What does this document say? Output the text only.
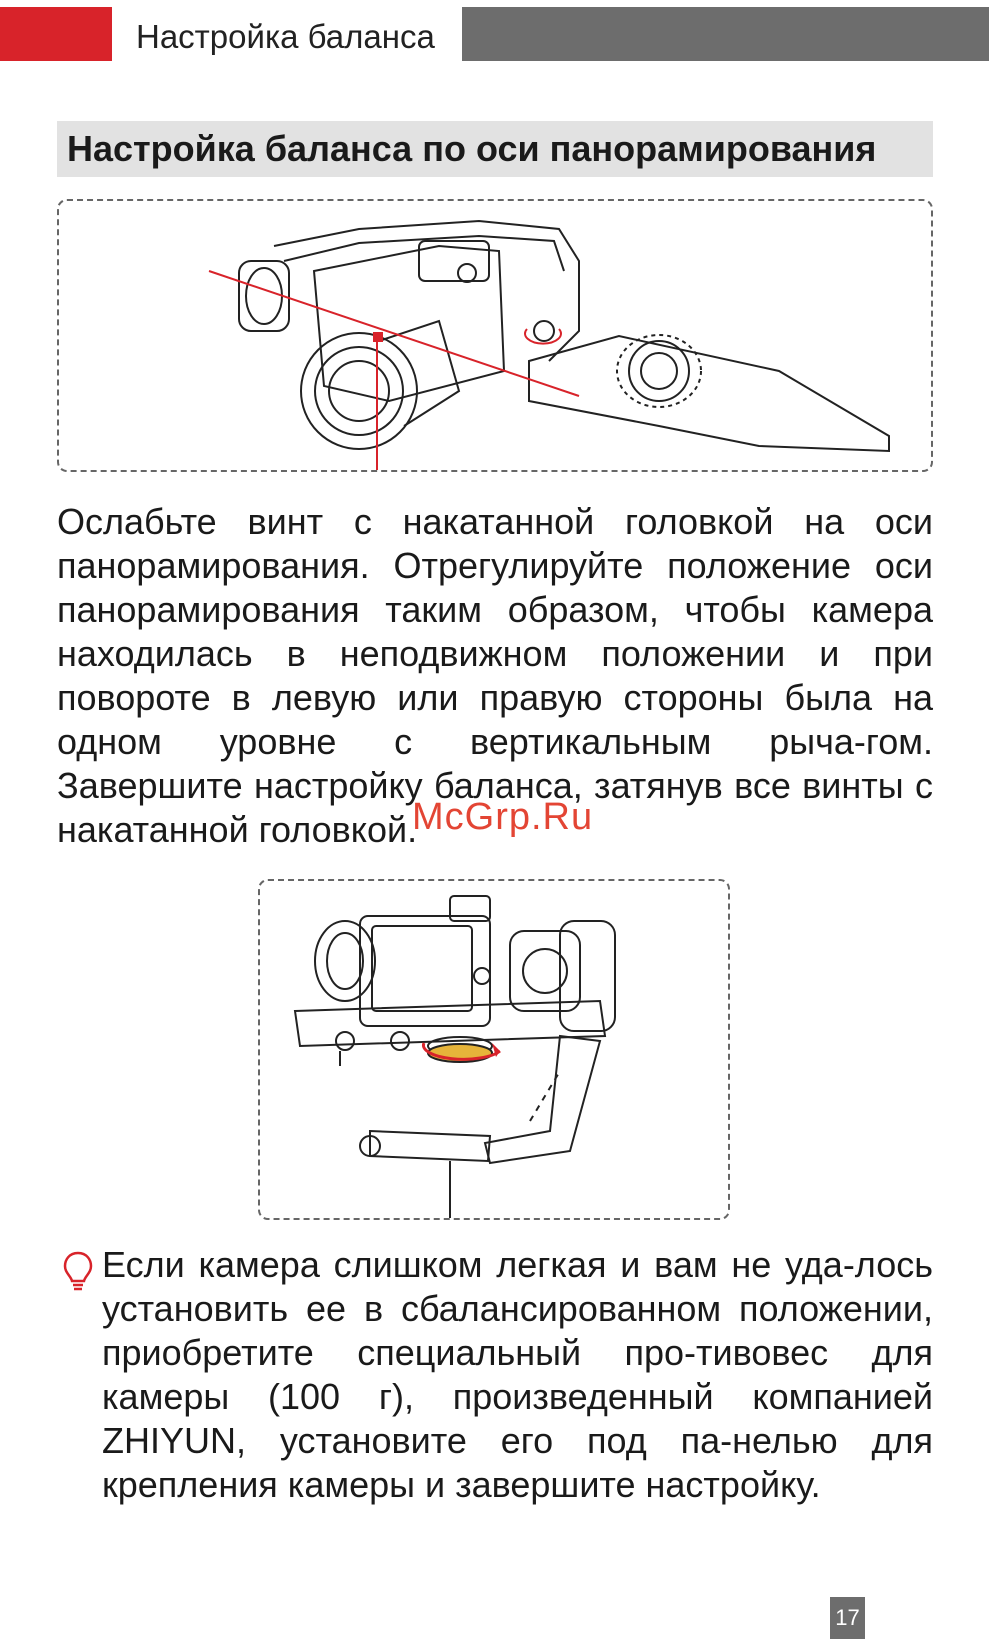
Настройка баланса
Настройка баланса по оси панорамирования

Ослабьте винт с накатанной головкой на оси панорамирования. Отрегулируйте положение оси панорамирования таким образом, чтобы камера находилась в неподвижном положении и при повороте в левую или правую стороны была на одном уровне с вертикальным рыча-гом. Завершите настройку баланса, затянув все винты с накатанной головкой.

McGrp.Ru

Если камера слишком легкая и вам не уда-лось установить ее в сбалансированном положении, приобретите специальный про-тивовес для камеры (100 г), произведенный компанией ZHIYUN, установите его под па-нелью для крепления камеры и завершите настройку.

17
